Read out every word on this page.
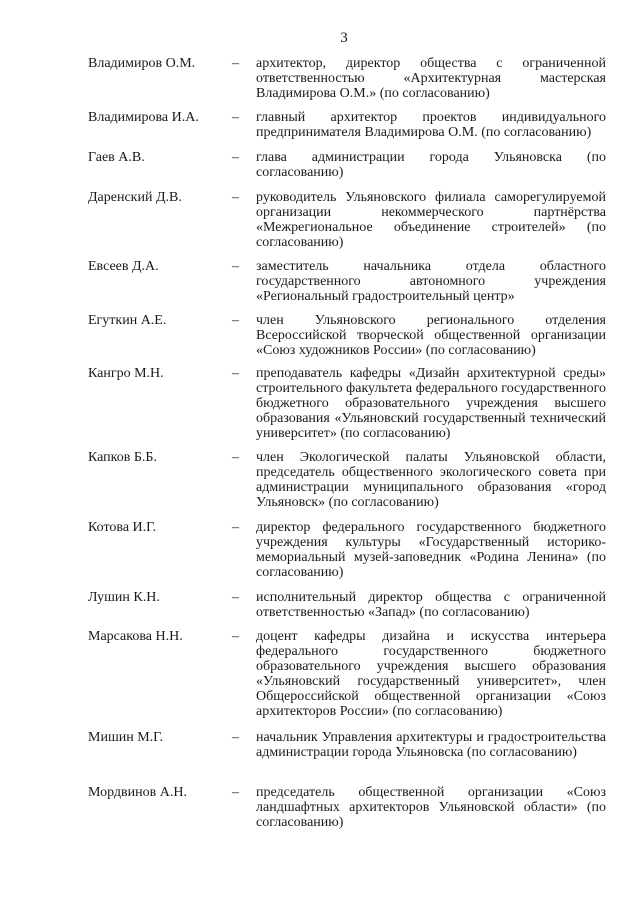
3
Владимиров О.М.	– архитектор, директор общества с ограниченной ответственностью «Архитектурная мастерская Владимирова О.М.» (по согласованию)
Владимирова И.А.	– главный архитектор проектов индивидуального предпринимателя Владимирова О.М. (по согласованию)
Гаев А.В.	– глава администрации города Ульяновска (по согласованию)
Даренский Д.В.	– руководитель Ульяновского филиала саморегулируемой организации некоммерческого партнёрства «Межрегиональное объединение строителей» (по согласованию)
Евсеев Д.А.	– заместитель начальника отдела областного государственного автономного учреждения «Региональный градостроительный центр»
Егуткин А.Е.	– член Ульяновского регионального отделения Всероссийской творческой общественной организации «Союз художников России» (по согласованию)
Кангро М.Н.	– преподаватель кафедры «Дизайн архитектурной среды» строительного факультета федерального государственного бюджетного образовательного учреждения высшего образования «Ульяновский государственный технический университет» (по согласованию)
Капков Б.Б.	– член Экологической палаты Ульяновской области, председатель общественного экологического совета при администрации муниципального образования «город Ульяновск» (по согласованию)
Котова И.Г.	– директор федерального государственного бюджетного учреждения культуры «Государственный историко-мемориальный музей-заповедник «Родина Ленина» (по согласованию)
Лушин К.Н.	– исполнительный директор общества с ограниченной ответственностью «Запад» (по согласованию)
Марсакова Н.Н.	– доцент кафедры дизайна и искусства интерьера федерального государственного бюджетного образовательного учреждения высшего образования «Ульяновский государственный университет», член Общероссийской общественной организации «Союз архитекторов России» (по согласованию)
Мишин М.Г.	– начальник Управления архитектуры и градостроительства администрации города Ульяновска (по согласованию)
Мордвинов А.Н.	– председатель общественной организации «Союз ландшафтных архитекторов Ульяновской области» (по согласованию)
